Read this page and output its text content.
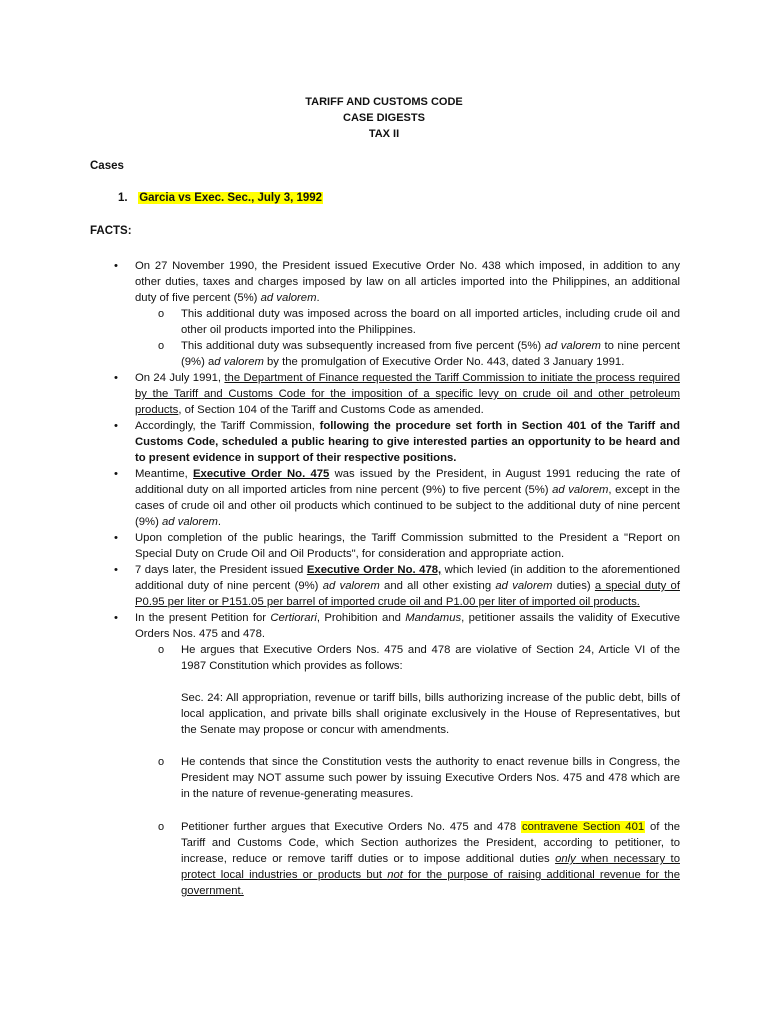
TARIFF AND CUSTOMS CODE
CASE DIGESTS
TAX II
Cases
1. Garcia vs Exec. Sec., July 3, 1992
FACTS:
• On 27 November 1990, the President issued Executive Order No. 438 which imposed, in addition to any other duties, taxes and charges imposed by law on all articles imported into the Philippines, an additional duty of five percent (5%) ad valorem.
o This additional duty was imposed across the board on all imported articles, including crude oil and other oil products imported into the Philippines.
o This additional duty was subsequently increased from five percent (5%) ad valorem to nine percent (9%) ad valorem by the promulgation of Executive Order No. 443, dated 3 January 1991.
• On 24 July 1991, the Department of Finance requested the Tariff Commission to initiate the process required by the Tariff and Customs Code for the imposition of a specific levy on crude oil and other petroleum products, of Section 104 of the Tariff and Customs Code as amended.
• Accordingly, the Tariff Commission, following the procedure set forth in Section 401 of the Tariff and Customs Code, scheduled a public hearing to give interested parties an opportunity to be heard and to present evidence in support of their respective positions.
• Meantime, Executive Order No. 475 was issued by the President, in August 1991 reducing the rate of additional duty on all imported articles from nine percent (9%) to five percent (5%) ad valorem, except in the cases of crude oil and other oil products which continued to be subject to the additional duty of nine percent (9%) ad valorem.
• Upon completion of the public hearings, the Tariff Commission submitted to the President a "Report on Special Duty on Crude Oil and Oil Products", for consideration and appropriate action.
• 7 days later, the President issued Executive Order No. 478, which levied (in addition to the aforementioned additional duty of nine percent (9%) ad valorem and all other existing ad valorem duties) a special duty of P0.95 per liter or P151.05 per barrel of imported crude oil and P1.00 per liter of imported oil products.
• In the present Petition for Certiorari, Prohibition and Mandamus, petitioner assails the validity of Executive Orders Nos. 475 and 478.
o He argues that Executive Orders Nos. 475 and 478 are violative of Section 24, Article VI of the 1987 Constitution which provides as follows:
Sec. 24: All appropriation, revenue or tariff bills, bills authorizing increase of the public debt, bills of local application, and private bills shall originate exclusively in the House of Representatives, but the Senate may propose or concur with amendments.
o He contends that since the Constitution vests the authority to enact revenue bills in Congress, the President may NOT assume such power by issuing Executive Orders Nos. 475 and 478 which are in the nature of revenue-generating measures.
o Petitioner further argues that Executive Orders No. 475 and 478 contravene Section 401 of the Tariff and Customs Code, which Section authorizes the President, according to petitioner, to increase, reduce or remove tariff duties or to impose additional duties only when necessary to protect local industries or products but not for the purpose of raising additional revenue for the government.
